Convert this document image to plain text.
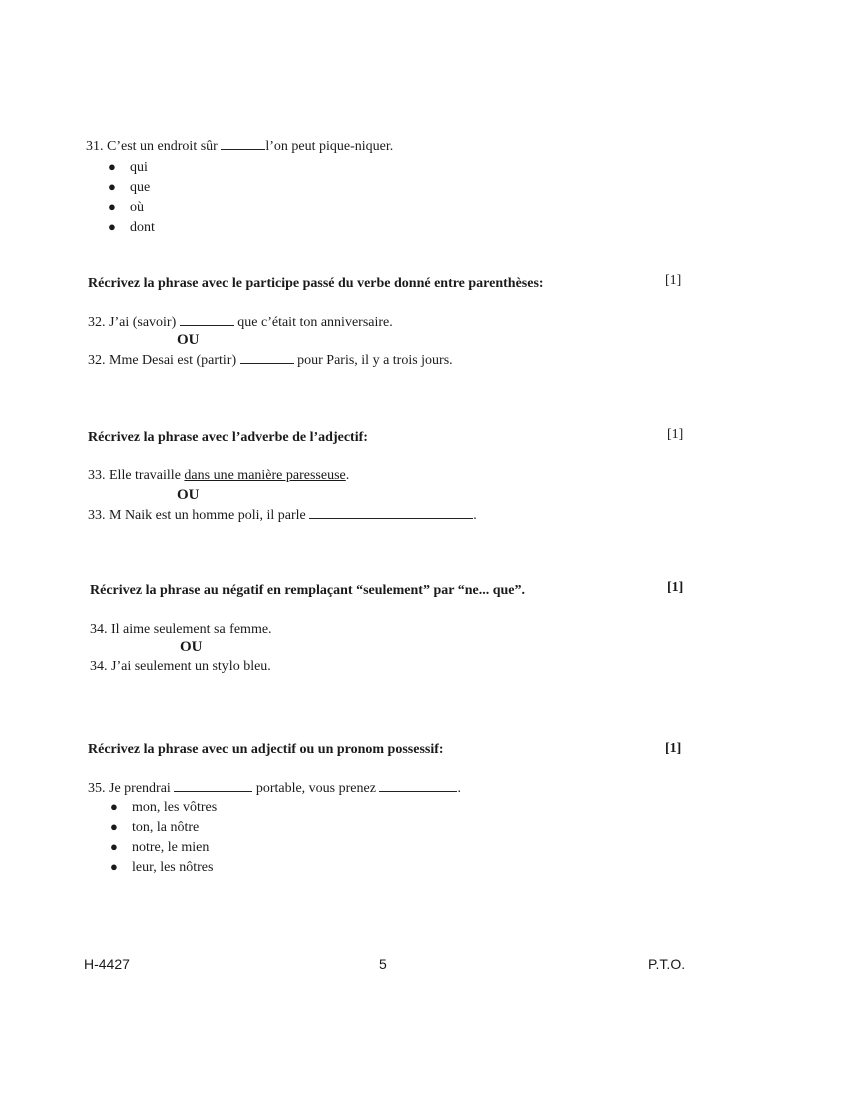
31. C’est un endroit sûr	l’on peut pique-niquer.
● qui
● que
● où
● dont
Récrivez la phrase avec le participe passé du verbe donné entre parenthèses:	[1]
32. J’ai (savoir)	que c’était ton anniversaire.
OU
32. Mme Desai est (partir)	pour Paris, il y a trois jours.
Récrivez la phrase avec l’adverbe de l’adjectif:	[1]
33. Elle travaille dans une manière paresseuse.
OU
33. M Naik est un homme poli, il parle	.
Récrivez la phrase au négatif en remplaçant “seulement” par “ne... que”.	[1]
34. Il aime seulement sa femme.
OU
34. J’ai seulement un stylo bleu.
Récrivez la phrase avec un adjectif ou un pronom possessif:	[1]
35. Je prendrai	portable, vous prenez	.
● mon, les vôtres
● ton, la nôtre
● notre, le mien
● leur, les nôtres
H-4427	5	P.T.O.
